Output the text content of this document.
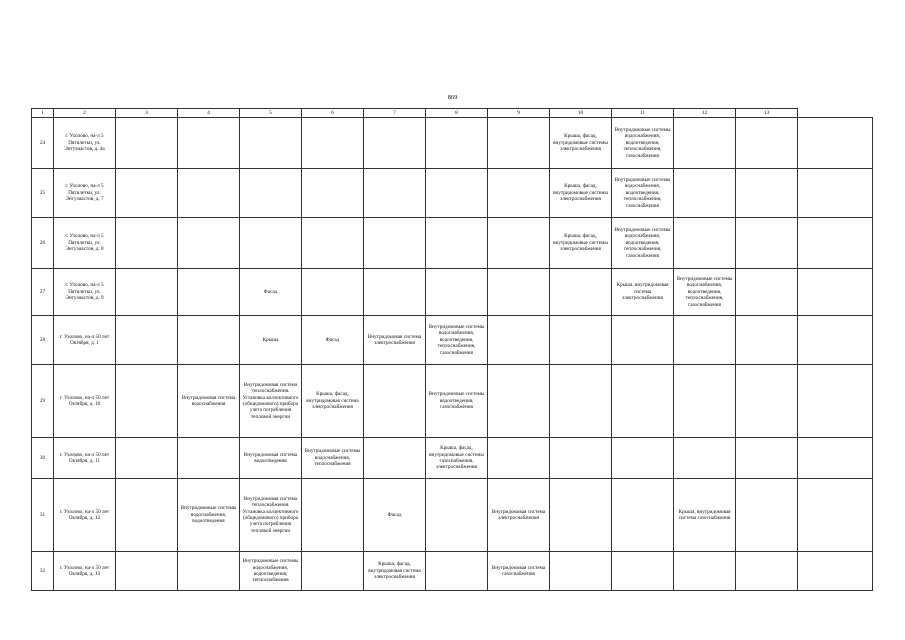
869
1	2	3	4	5	6	7	8	9	10	11	12	13	

24	г. Ухолово, на-л 5 Пятилетки, ул. Энтузиастов, д. 4а								Крыша, фасад, внутридомовые системы электроснабжения	Внутридомовые системы водоснабжения, водоотведения, теплоснабжения, газоснабжения			

25	г. Ухолово, на-л 5 Пятилетки, ул. Энтузиастов, д. 7								Крыша, фасад, внутридомовые системы электроснабжения	Внутридомовые системы водоснабжения, водоотведения, теплоснабжения, газоснабжения			

26	г. Ухолово, на-л 5 Пятилетки, ул. Энтузиастов, д. 8								Крыша, фасад, внутридомовые системы электроснабжения	Внутридомовые системы водоснабжения, водоотведения, теплоснабжения, газоснабжения			

27	г. Ухолово, на-л 5 Пятилетки, ул. Энтузиастов, д. 9			Фасад						Крыша, внутридомовая система электроснабжения	Внутридомовые системы водоснабжения, водоотведения, теплоснабжения, газоснабжения		

28	г. Ухолово, на-л 50 лет Октября, д. 1			Крыша	Фасад	Внутридомовая система электроснабжения	Внутридомовые системы водоснабжения, водоотведения, теплоснабжения, газоснабжения						

29	г. Ухолово, на-л 50 лет Октября, д. 10		Внутридомовая система водоснабжения	Внутридомовая система теплоснабжения. Установка коллективного (общедомового) прибора учета потребления тепловой энергии	Крыша, фасад, внутридомовая система электроснабжения		Внутридомовые системы водоотведения, газоснабжения						

30	г. Ухолово, на-л 50 лет Октября, д. 11			Внутридомовая система водоотведения	Внутридомовые системы водоснабжения, теплоснабжения		Крыша, фасад, внутридомовые системы газоснабжения, электроснабжения						

31	г. Ухолово, на-л 50 лет Октября, д. 12		Внутридомовые системы водоснабжения, водоотведения	Внутридомовая система теплоснабжения. Установка коллективного (общедомового) прибора учета потребления тепловой энергии		Фасад		Внутридомовая система электроснабжения			Крыша, внутридомовая система газоснабжения		

32	г. Ухолово, на-л 50 лет Октября, д. 13			Внутридомовые системы водоснабжения, водоотведения, теплоснабжения		Крыша, фасад, внутридомовая система электроснабжения		Внутридомовая система газоснабжения					
